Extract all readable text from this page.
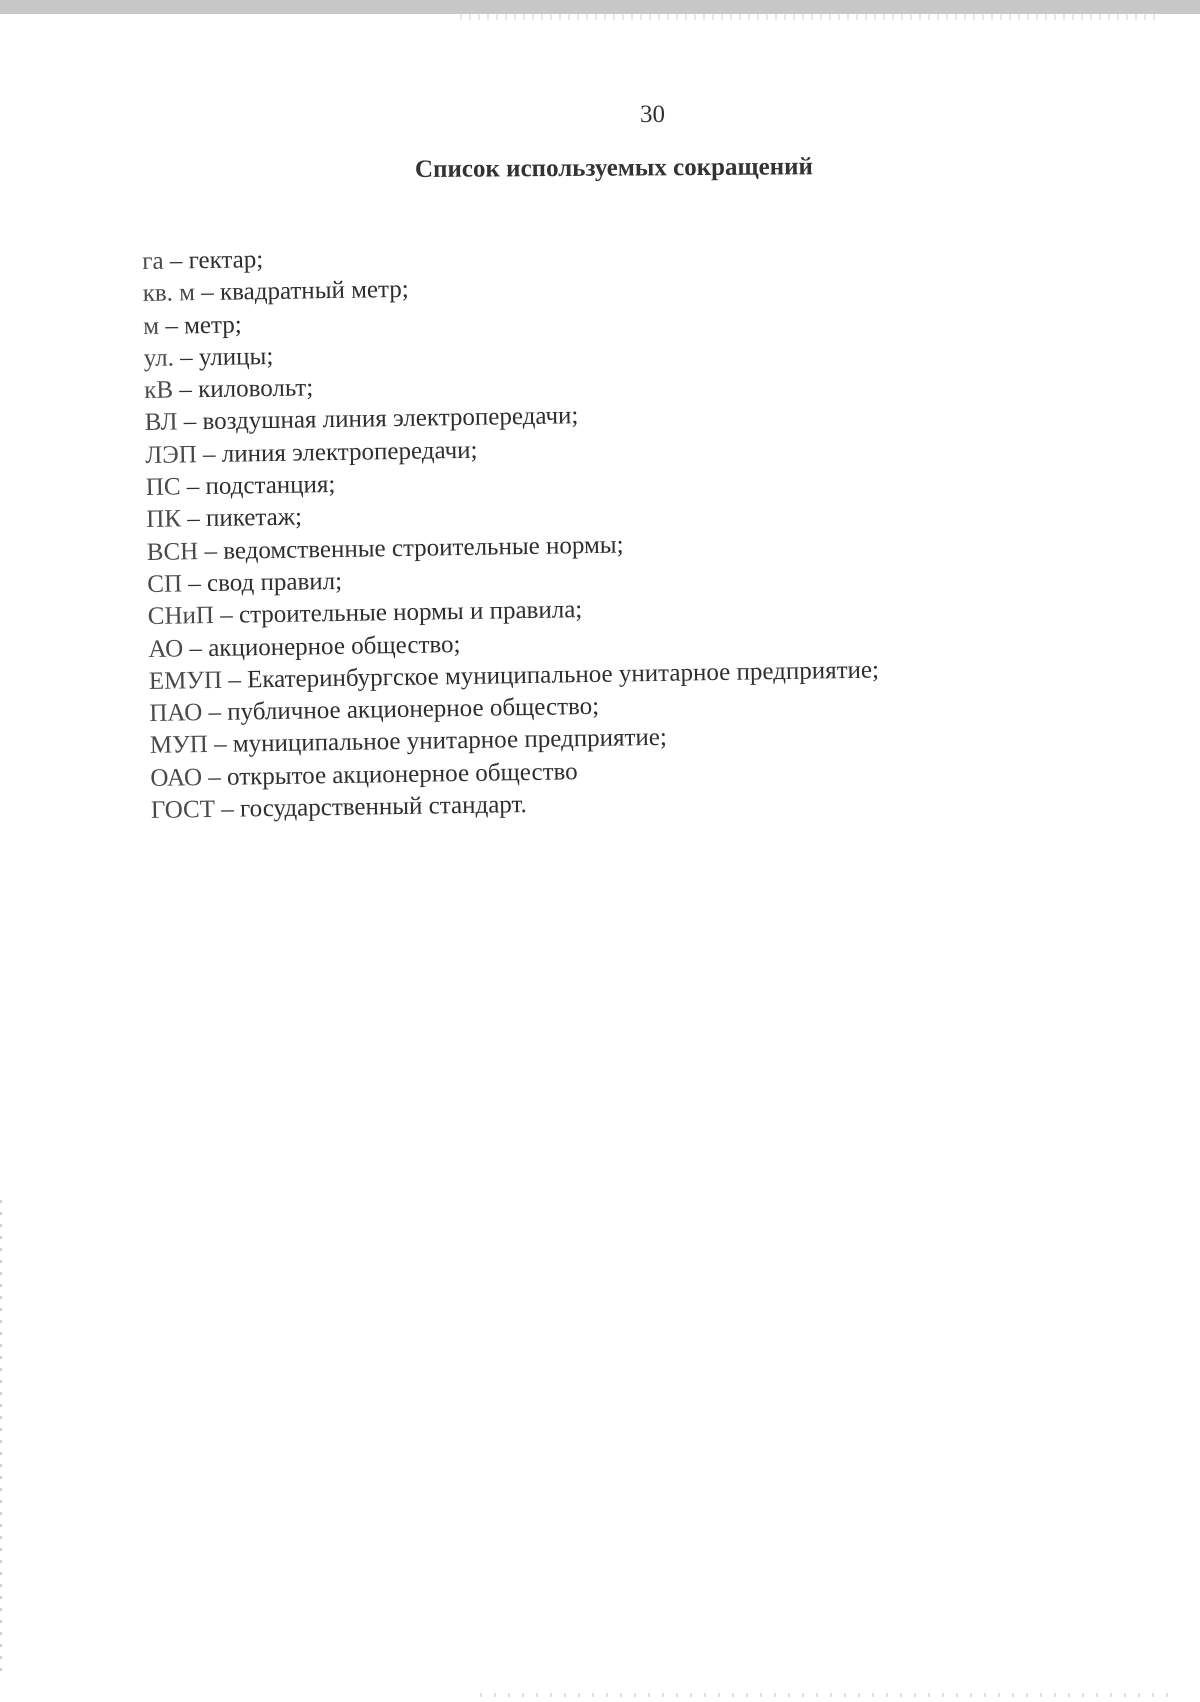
30
Список используемых сокращений
га – гектар;
кв. м – квадратный метр;
м – метр;
ул. – улицы;
кВ – киловольт;
ВЛ – воздушная линия электропередачи;
ЛЭП – линия электропередачи;
ПС – подстанция;
ПК – пикетаж;
ВСН – ведомственные строительные нормы;
СП – свод правил;
СНиП – строительные нормы и правила;
АО – акционерное общество;
ЕМУП – Екатеринбургское муниципальное унитарное предприятие;
ПАО – публичное акционерное общество;
МУП – муниципальное унитарное предприятие;
ОАО – открытое акционерное общество
ГОСТ – государственный стандарт.
